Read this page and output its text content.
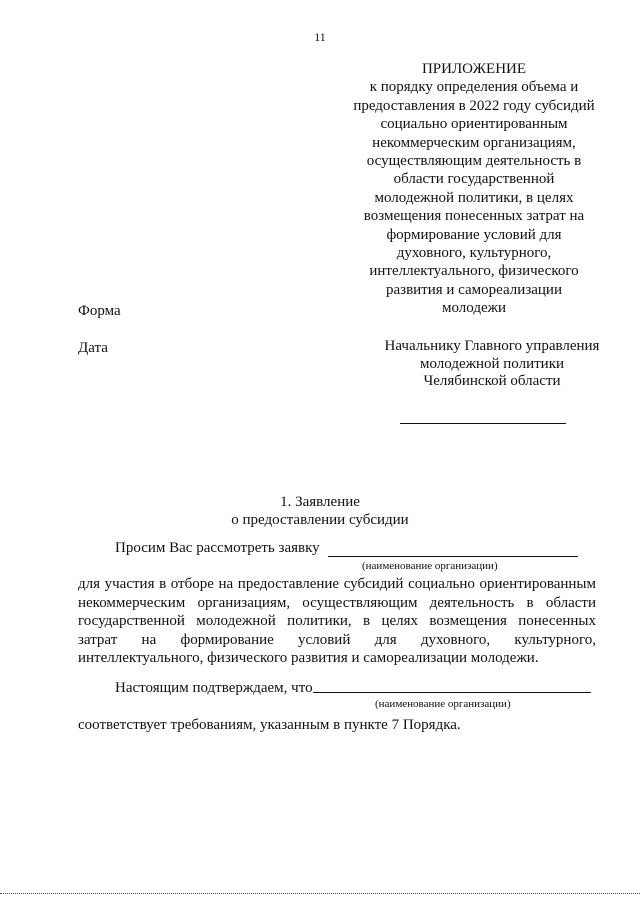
11
ПРИЛОЖЕНИЕ
к порядку определения объема и
предоставления в 2022 году субсидий
социально ориентированным
некоммерческим организациям,
осуществляющим деятельность в
области государственной
молодежной политики, в целях
возмещения понесенных затрат на
формирование условий для
духовного, культурного,
интеллектуального, физического
развития и самореализации
молодежи
Форма
Дата	Начальнику Главного управления
молодежной политики
Челябинской области
1. Заявление
о предоставлении субсидии
Просим Вас рассмотреть заявку
(наименование организации)
для участия в отборе на предоставление субсидий социально ориентированным
некоммерческим организациям, осуществляющим деятельность в области
государственной молодежной политики, в целях возмещения понесенных
затрат на формирование условий для духовного, культурного,
интеллектуального, физического развития и самореализации молодежи.
Настоящим подтверждаем, что
(наименование организации)
соответствует требованиям, указанным в пункте 7 Порядка.
